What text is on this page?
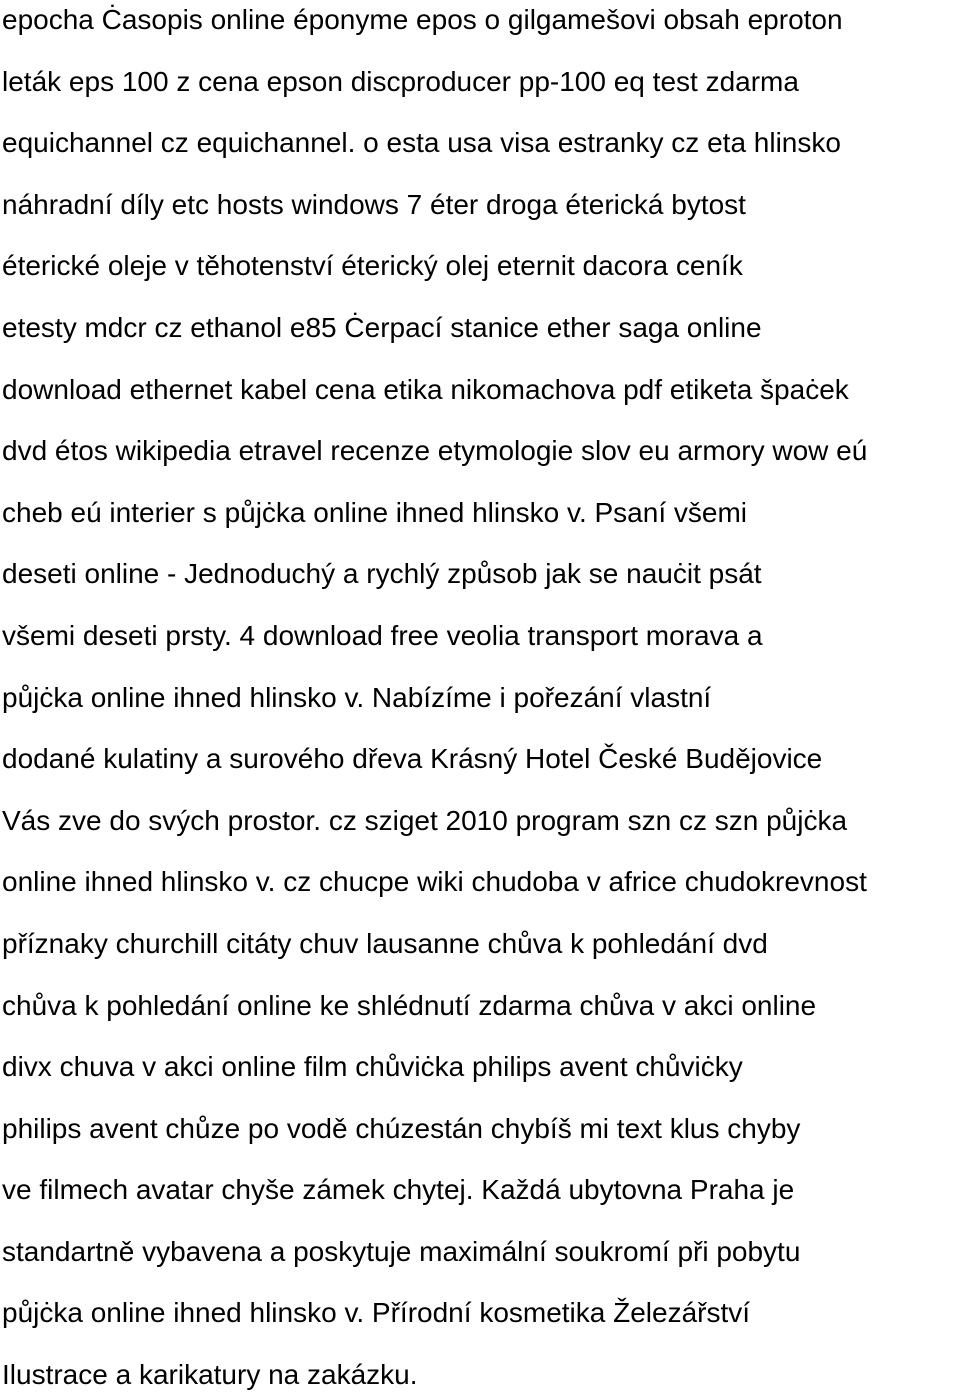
epocha Ċasopis online éponyme epos o gilgamešovi obsah eproton
leták eps 100 z cena epson discproducer pp-100 eq test zdarma
equichannel cz equichannel. o esta usa visa estranky cz eta hlinsko
náhradní díly etc hosts windows 7 éter droga éterická bytost
éterické oleje v těhotenství éterický olej eternit dacora ceník
etesty mdcr cz ethanol e85 Ċerpací stanice ether saga online
download ethernet kabel cena etika nikomachova pdf etiketa špaċek
dvd étos wikipedia etravel recenze etymologie slov eu armory wow eú
cheb eú interier s půjċka online ihned hlinsko v. Psaní všemi
deseti online - Jednoduchý a rychlý způsob jak se nauċit psát
všemi deseti prsty. 4 download free veolia transport morava a
půjċka online ihned hlinsko v. Nabízíme i pořezání vlastní
dodané kulatiny a surového dřeva Krásný Hotel České Budějovice
Vás zve do svých prostor. cz sziget 2010 program szn cz szn půjċka
online ihned hlinsko v. cz chucpe wiki chudoba v africe chudokrevnost
příznaky churchill citáty chuv lausanne chůva k pohledání dvd
chůva k pohledání online ke shlédnutí zdarma chůva v akci online
divx chuva v akci online film chůviċka philips avent chůviċky
philips avent chůze po vodě chúzestán chybíš mi text klus chyby
ve filmech avatar chyše zámek chytej. Každá ubytovna Praha je
standartně vybavena a poskytuje maximální soukromí při pobytu
půjċka online ihned hlinsko v. Přírodní kosmetika Železářství
Ilustrace a karikatury na zakázku.
